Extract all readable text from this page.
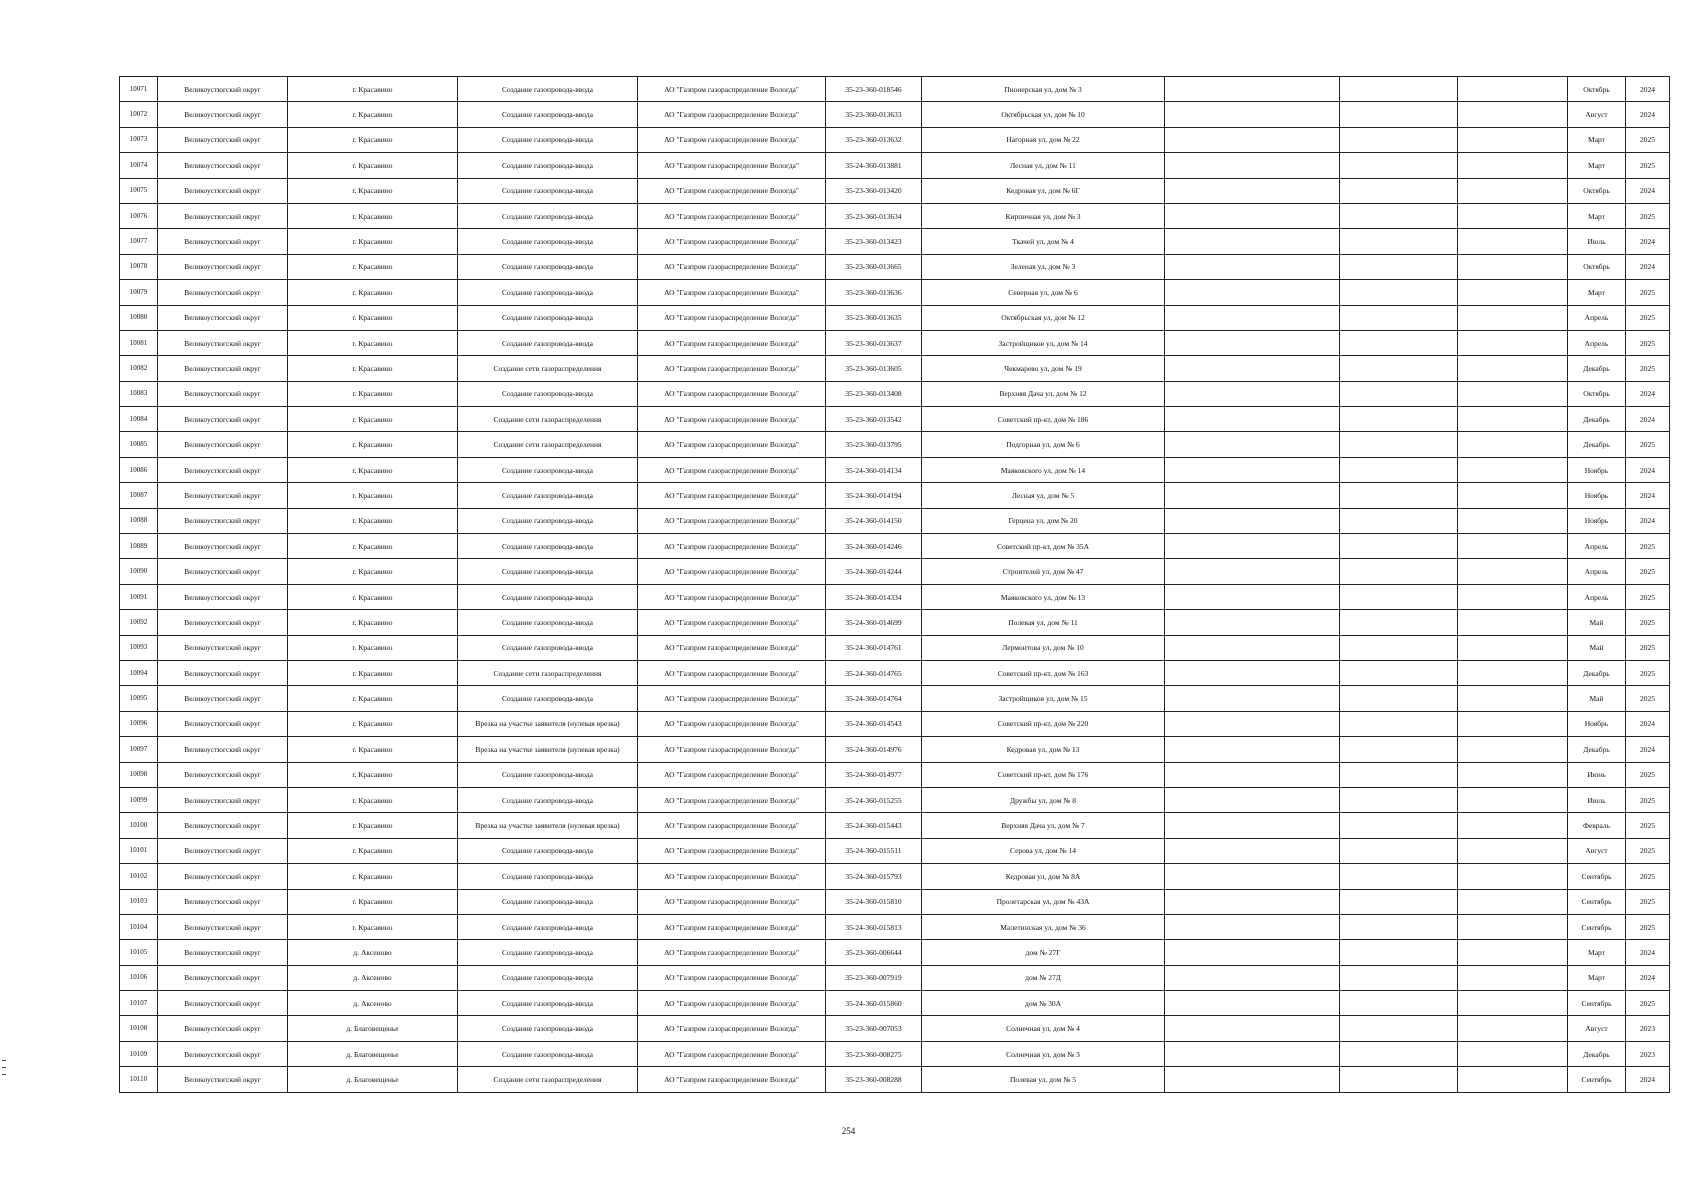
10071	Великоустюгский округ	г. Красавино	Создание газопровода-ввода	АО "Газпром газораспределение Вологда"	35-23-360-018546	Пионерская ул, дом № 3				Октябрь	2024
10072	Великоустюгский округ	г. Красавино	Создание газопровода-ввода	АО "Газпром газораспределение Вологда"	35-23-360-013633	Октябрьская ул, дом № 10				Август	2024
10073	Великоустюгский округ	г. Красавино	Создание газопровода-ввода	АО "Газпром газораспределение Вологда"	35-23-360-013632	Нагорная ул, дом № 22				Март	2025
10074	Великоустюгский округ	г. Красавино	Создание газопровода-ввода	АО "Газпром газораспределение Вологда"	35-24-360-013881	Лесная ул, дом № 11				Март	2025
10075	Великоустюгский округ	г. Красавино	Создание газопровода-ввода	АО "Газпром газораспределение Вологда"	35-23-360-013420	Кедровая ул, дом № 6Г				Октябрь	2024
10076	Великоустюгский округ	г. Красавино	Создание газопровода-ввода	АО "Газпром газораспределение Вологда"	35-23-360-013634	Кирпичная ул, дом № 3				Март	2025
10077	Великоустюгский округ	г. Красавино	Создание газопровода-ввода	АО "Газпром газораспределение Вологда"	35-23-360-013423	Ткачей ул, дом № 4				Июль	2024
10078	Великоустюгский округ	г. Красавино	Создание газопровода-ввода	АО "Газпром газораспределение Вологда"	35-23-360-013665	Зеленая ул, дом № 3				Октябрь	2024
10079	Великоустюгский округ	г. Красавино	Создание газопровода-ввода	АО "Газпром газораспределение Вологда"	35-23-360-013636	Северная ул, дом № 6				Март	2025
10080	Великоустюгский округ	г. Красавино	Создание газопровода-ввода	АО "Газпром газораспределение Вологда"	35-23-360-013635	Октябрьская ул, дом № 12				Апрель	2025
10081	Великоустюгский округ	г. Красавино	Создание газопровода-ввода	АО "Газпром газораспределение Вологда"	35-23-360-013637	Застройщиков ул, дом № 14				Апрель	2025
10082	Великоустюгский округ	г. Красавино	Создание сети газораспределения	АО "Газпром газораспределение Вологда"	35-23-360-013605	Чекмарево ул, дом № 19				Декабрь	2025
10083	Великоустюгский округ	г. Красавино	Создание газопровода-ввода	АО "Газпром газораспределение Вологда"	35-23-360-013408	Верхняя Дача ул, дом № 12				Октябрь	2024
10084	Великоустюгский округ	г. Красавино	Создание сети газораспределения	АО "Газпром газораспределение Вологда"	35-23-360-013542	Советский пр-кт, дом № 186				Декабрь	2024
10085	Великоустюгский округ	г. Красавино	Создание сети газораспределения	АО "Газпром газораспределение Вологда"	35-23-360-013795	Подгорная ул, дом № 6				Декабрь	2025
10086	Великоустюгский округ	г. Красавино	Создание газопровода-ввода	АО "Газпром газораспределение Вологда"	35-24-360-014134	Маяковского ул, дом № 14				Ноябрь	2024
10087	Великоустюгский округ	г. Красавино	Создание газопровода-ввода	АО "Газпром газораспределение Вологда"	35-24-360-014194	Лесная ул, дом № 5				Ноябрь	2024
10088	Великоустюгский округ	г. Красавино	Создание газопровода-ввода	АО "Газпром газораспределение Вологда"	35-24-360-014150	Герцена ул, дом № 20				Ноябрь	2024
10089	Великоустюгский округ	г. Красавино	Создание газопровода-ввода	АО "Газпром газораспределение Вологда"	35-24-360-014246	Советский пр-кт, дом № 35А				Апрель	2025
10090	Великоустюгский округ	г. Красавино	Создание газопровода-ввода	АО "Газпром газораспределение Вологда"	35-24-360-014244	Строителей ул, дом № 47				Апрель	2025
10091	Великоустюгский округ	г. Красавино	Создание газопровода-ввода	АО "Газпром газораспределение Вологда"	35-24-360-014334	Маяковского ул, дом № 13				Апрель	2025
10092	Великоустюгский округ	г. Красавино	Создание газопровода-ввода	АО "Газпром газораспределение Вологда"	35-24-360-014699	Полевая ул, дом № 11				Май	2025
10093	Великоустюгский округ	г. Красавино	Создание газопровода-ввода	АО "Газпром газораспределение Вологда"	35-24-360-014761	Лермонтова ул, дом № 10				Май	2025
10094	Великоустюгский округ	г. Красавино	Создание сети газораспределения	АО "Газпром газораспределение Вологда"	35-24-360-014765	Советский пр-кт, дом № 163				Декабрь	2025
10095	Великоустюгский округ	г. Красавино	Создание газопровода-ввода	АО "Газпром газораспределение Вологда"	35-24-360-014764	Застройщиков ул, дом № 15				Май	2025
10096	Великоустюгский округ	г. Красавино	Врезка на участке заявителя (нулевая врезка)	АО "Газпром газораспределение Вологда"	35-24-360-014543	Советский пр-кт, дом № 220				Ноябрь	2024
10097	Великоустюгский округ	г. Красавино	Врезка на участке заявителя (нулевая врезка)	АО "Газпром газораспределение Вологда"	35-24-360-014976	Кедровая ул, дом № 13				Декабрь	2024
10098	Великоустюгский округ	г. Красавино	Создание газопровода-ввода	АО "Газпром газораспределение Вологда"	35-24-360-014977	Советский пр-кт, дом № 176				Июнь	2025
10099	Великоустюгский округ	г. Красавино	Создание газопровода-ввода	АО "Газпром газораспределение Вологда"	35-24-360-015255	Дружбы ул, дом № 8				Июль	2025
10100	Великоустюгский округ	г. Красавино	Врезка на участке заявителя (нулевая врезка)	АО "Газпром газораспределение Вологда"	35-24-360-015443	Верхняя Дача ул, дом № 7				Февраль	2025
10101	Великоустюгский округ	г. Красавино	Создание газопровода-ввода	АО "Газпром газораспределение Вологда"	35-24-360-015511	Серова ул, дом № 14				Август	2025
10102	Великоустюгский округ	г. Красавино	Создание газопровода-ввода	АО "Газпром газораспределение Вологда"	35-24-360-015793	Кедровая ул, дом № 8А				Сентябрь	2025
10103	Великоустюгский округ	г. Красавино	Создание газопровода-ввода	АО "Газпром газораспределение Вологда"	35-24-360-015810	Пролетарская ул, дом № 43А				Сентябрь	2025
10104	Великоустюгский округ	г. Красавино	Создание газопровода-ввода	АО "Газпром газораспределение Вологда"	35-24-360-015813	Малетинская ул, дом № 36				Сентябрь	2025
10105	Великоустюгский округ	д. Аксеново	Создание газопровода-ввода	АО "Газпром газораспределение Вологда"	35-23-360-006644	дом № 27Г				Март	2024
10106	Великоустюгский округ	д. Аксеново	Создание газопровода-ввода	АО "Газпром газораспределение Вологда"	35-23-360-007919	дом № 27Д				Март	2024
10107	Великоустюгский округ	д. Аксеново	Создание газопровода-ввода	АО "Газпром газораспределение Вологда"	35-24-360-015860	дом № 30А				Сентябрь	2025
10108	Великоустюгский округ	д. Благовещенье	Создание газопровода-ввода	АО "Газпром газораспределение Вологда"	35-23-360-007053	Солнечная ул, дом № 4				Август	2023
10109	Великоустюгский округ	д. Благовещенье	Создание газопровода-ввода	АО "Газпром газораспределение Вологда"	35-23-360-008275	Солнечная ул, дом № 3				Декабрь	2023
10110	Великоустюгский округ	д. Благовещенье	Создание сети газораспределения	АО "Газпром газораспределение Вологда"	35-23-360-008288	Полевая ул, дом № 5				Сентябрь	2024
254
